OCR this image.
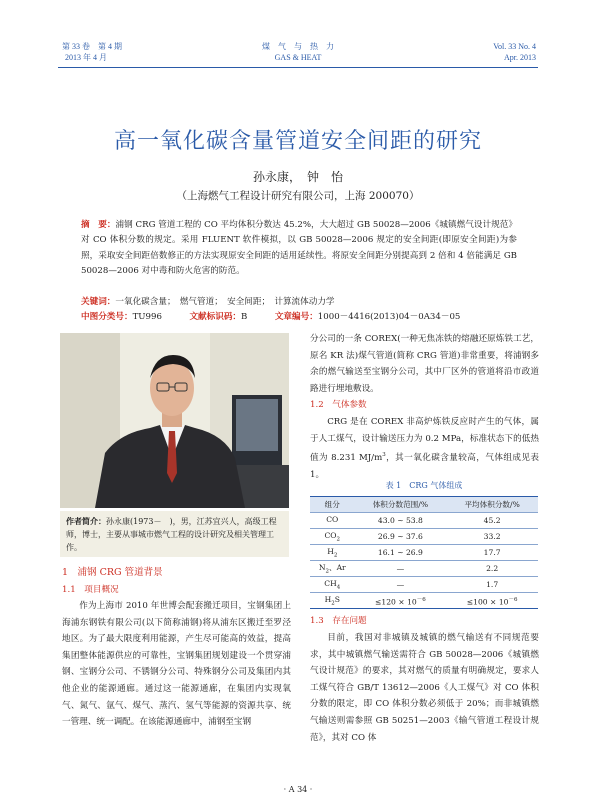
第 33 卷　第 4 期
2013 年 4 月
煤　气　与　热　力
GAS & HEAT
Vol. 33 No. 4
Apr. 2013
高一氧化碳含量管道安全间距的研究
孙永康，　钟　怡
（上海燃气工程设计研究有限公司，上海 200070）
摘　要：浦钢 CRG 管道工程的 CO 平均体积分数达 45.2%，大大超过 GB 50028—2006《城镇燃气设计规范》对 CO 体积分数的规定。采用 FLUENT 软件模拟，以 GB 50028—2006 规定的安全间距(即原安全间距)为参照，采取安全间距倍数修正的方法实现原安全间距的适用延续性。将原安全间距分别提高到 2 倍和 4 倍能满足 GB 50028—2006 对中毒和防火危害的防范。
关键词：一氧化碳含量；　燃气管道；　安全间距；　计算流体动力学
中图分类号：TU996	文献标识码：B	文章编号：1000－4416(2013)04－0A34－05
作者简介：孙永康(1973－　)，男，江苏宜兴人，高级工程师，博士，主要从事城市燃气工程的设计研究及相关管理工作。
1　浦钢 CRG 管道背景
1.1　项目概况
作为上海市 2010 年世博会配套搬迁项目，宝钢集团上海浦东钢铁有限公司(以下简称浦钢)将从浦东区搬迁至罗泾地区。为了最大限度利用能源，产生尽可能高的效益，提高集团整体能源供应的可靠性，宝钢集团规划建设一个贯穿浦钢、宝钢分公司、不锈钢分公司、特殊钢分公司及集团内其他企业的能源通廊。通过这一能源通廊，在集团内实现氧气、氮气、氩气、煤气、蒸汽、氢气等能源的资源共享、统一管理、统一调配。在该能源通廊中，浦钢至宝钢
分公司的一条 COREX(一种无焦冻铁的熔融还原炼铁工艺，原名 KR 法)煤气管道(简称 CRG 管道)非常重要，将浦钢多余的燃气输送至宝钢分公司，其中厂区外的管道将沿市政道路进行埋地敷设。
1.2　气体参数
CRG 是在 COREX 非高炉炼铁反应时产生的气体，属于人工煤气，设计输送压力为 0.2 MPa，标准状态下的低热值为 8.231 $MJ/m^3$，其一氧化碳含量较高，气体组成见表 1。
表 1　CRG 气体组成
组分	体积分数范围/%	平均体积分数/%
CO	43.0 ~ 53.8	45.2
$CO_2$	26.9 ~ 37.6	33.2
$H_2$	16.1 ~ 26.9	17.7
$N_2$、Ar	—	2.2
$CH_4$	—	1.7
$H_2S$	$\le 120 \times 10^{-6}$	$\le 100 \times 10^{-6}$
1.3　存在问题
目前，我国对非城镇及城镇的燃气输送有不同规范要求，其中城镇燃气输送需符合 GB 50028—2006《城镇燃气设计规范》的要求，其对燃气的质量有明确规定，要求人工煤气符合 GB/T 13612—2006《人工煤气》对 CO 体积分数的限定，即 CO 体积分数必须低于 20%；而非城镇燃气输送则需参照 GB 50251—2003《输气管道工程设计规范》，其对 CO 体
· A 34 ·
